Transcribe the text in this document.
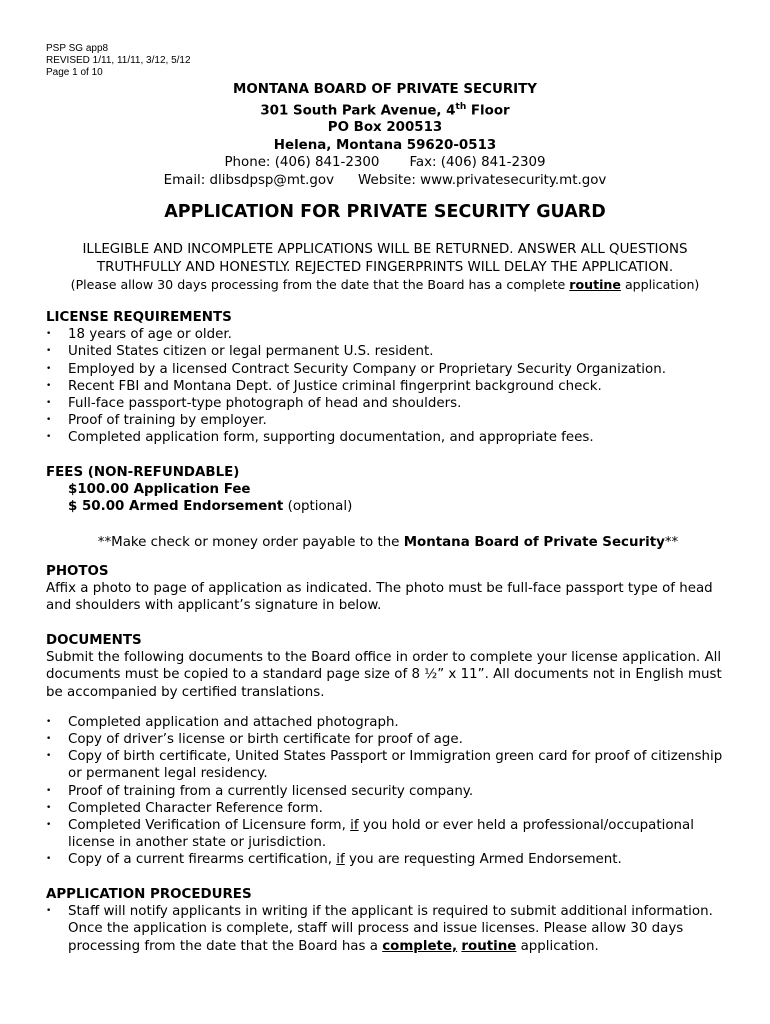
PSP SG app8
REVISED 1/11, 11/11, 3/12, 5/12
Page 1 of 10
MONTANA BOARD OF PRIVATE SECURITY
301 South Park Avenue, 4th Floor
PO Box 200513
Helena, Montana 59620-0513
Phone: (406) 841-2300 Fax: (406) 841-2309
Email: dlibsdpsp@mt.gov Website: www.privatesecurity.mt.gov
APPLICATION FOR PRIVATE SECURITY GUARD
ILLEGIBLE AND INCOMPLETE APPLICATIONS WILL BE RETURNED. ANSWER ALL QUESTIONS
TRUTHFULLY AND HONESTLY. REJECTED FINGERPRINTS WILL DELAY THE APPLICATION.
(Please allow 30 days processing from the date that the Board has a complete routine application)
LICENSE REQUIREMENTS
• 18 years of age or older.
• United States citizen or legal permanent U.S. resident.
• Employed by a licensed Contract Security Company or Proprietary Security Organization.
• Recent FBI and Montana Dept. of Justice criminal fingerprint background check.
• Full-face passport-type photograph of head and shoulders.
• Proof of training by employer.
• Completed application form, supporting documentation, and appropriate fees.
FEES (NON-REFUNDABLE)
$100.00 Application Fee
$ 50.00 Armed Endorsement (optional)
**Make check or money order payable to the Montana Board of Private Security**
PHOTOS
Affix a photo to page of application as indicated. The photo must be full-face passport type of head and shoulders with applicant’s signature in below.
DOCUMENTS
Submit the following documents to the Board office in order to complete your license application. All documents must be copied to a standard page size of 8 ½” x 11”. All documents not in English must be accompanied by certified translations.
• Completed application and attached photograph.
• Copy of driver’s license or birth certificate for proof of age.
• Copy of birth certificate, United States Passport or Immigration green card for proof of citizenship or permanent legal residency.
• Proof of training from a currently licensed security company.
• Completed Character Reference form.
• Completed Verification of Licensure form, if you hold or ever held a professional/occupational license in another state or jurisdiction.
• Copy of a current firearms certification, if you are requesting Armed Endorsement.
APPLICATION PROCEDURES
• Staff will notify applicants in writing if the applicant is required to submit additional information. Once the application is complete, staff will process and issue licenses. Please allow 30 days processing from the date that the Board has a complete, routine application.
